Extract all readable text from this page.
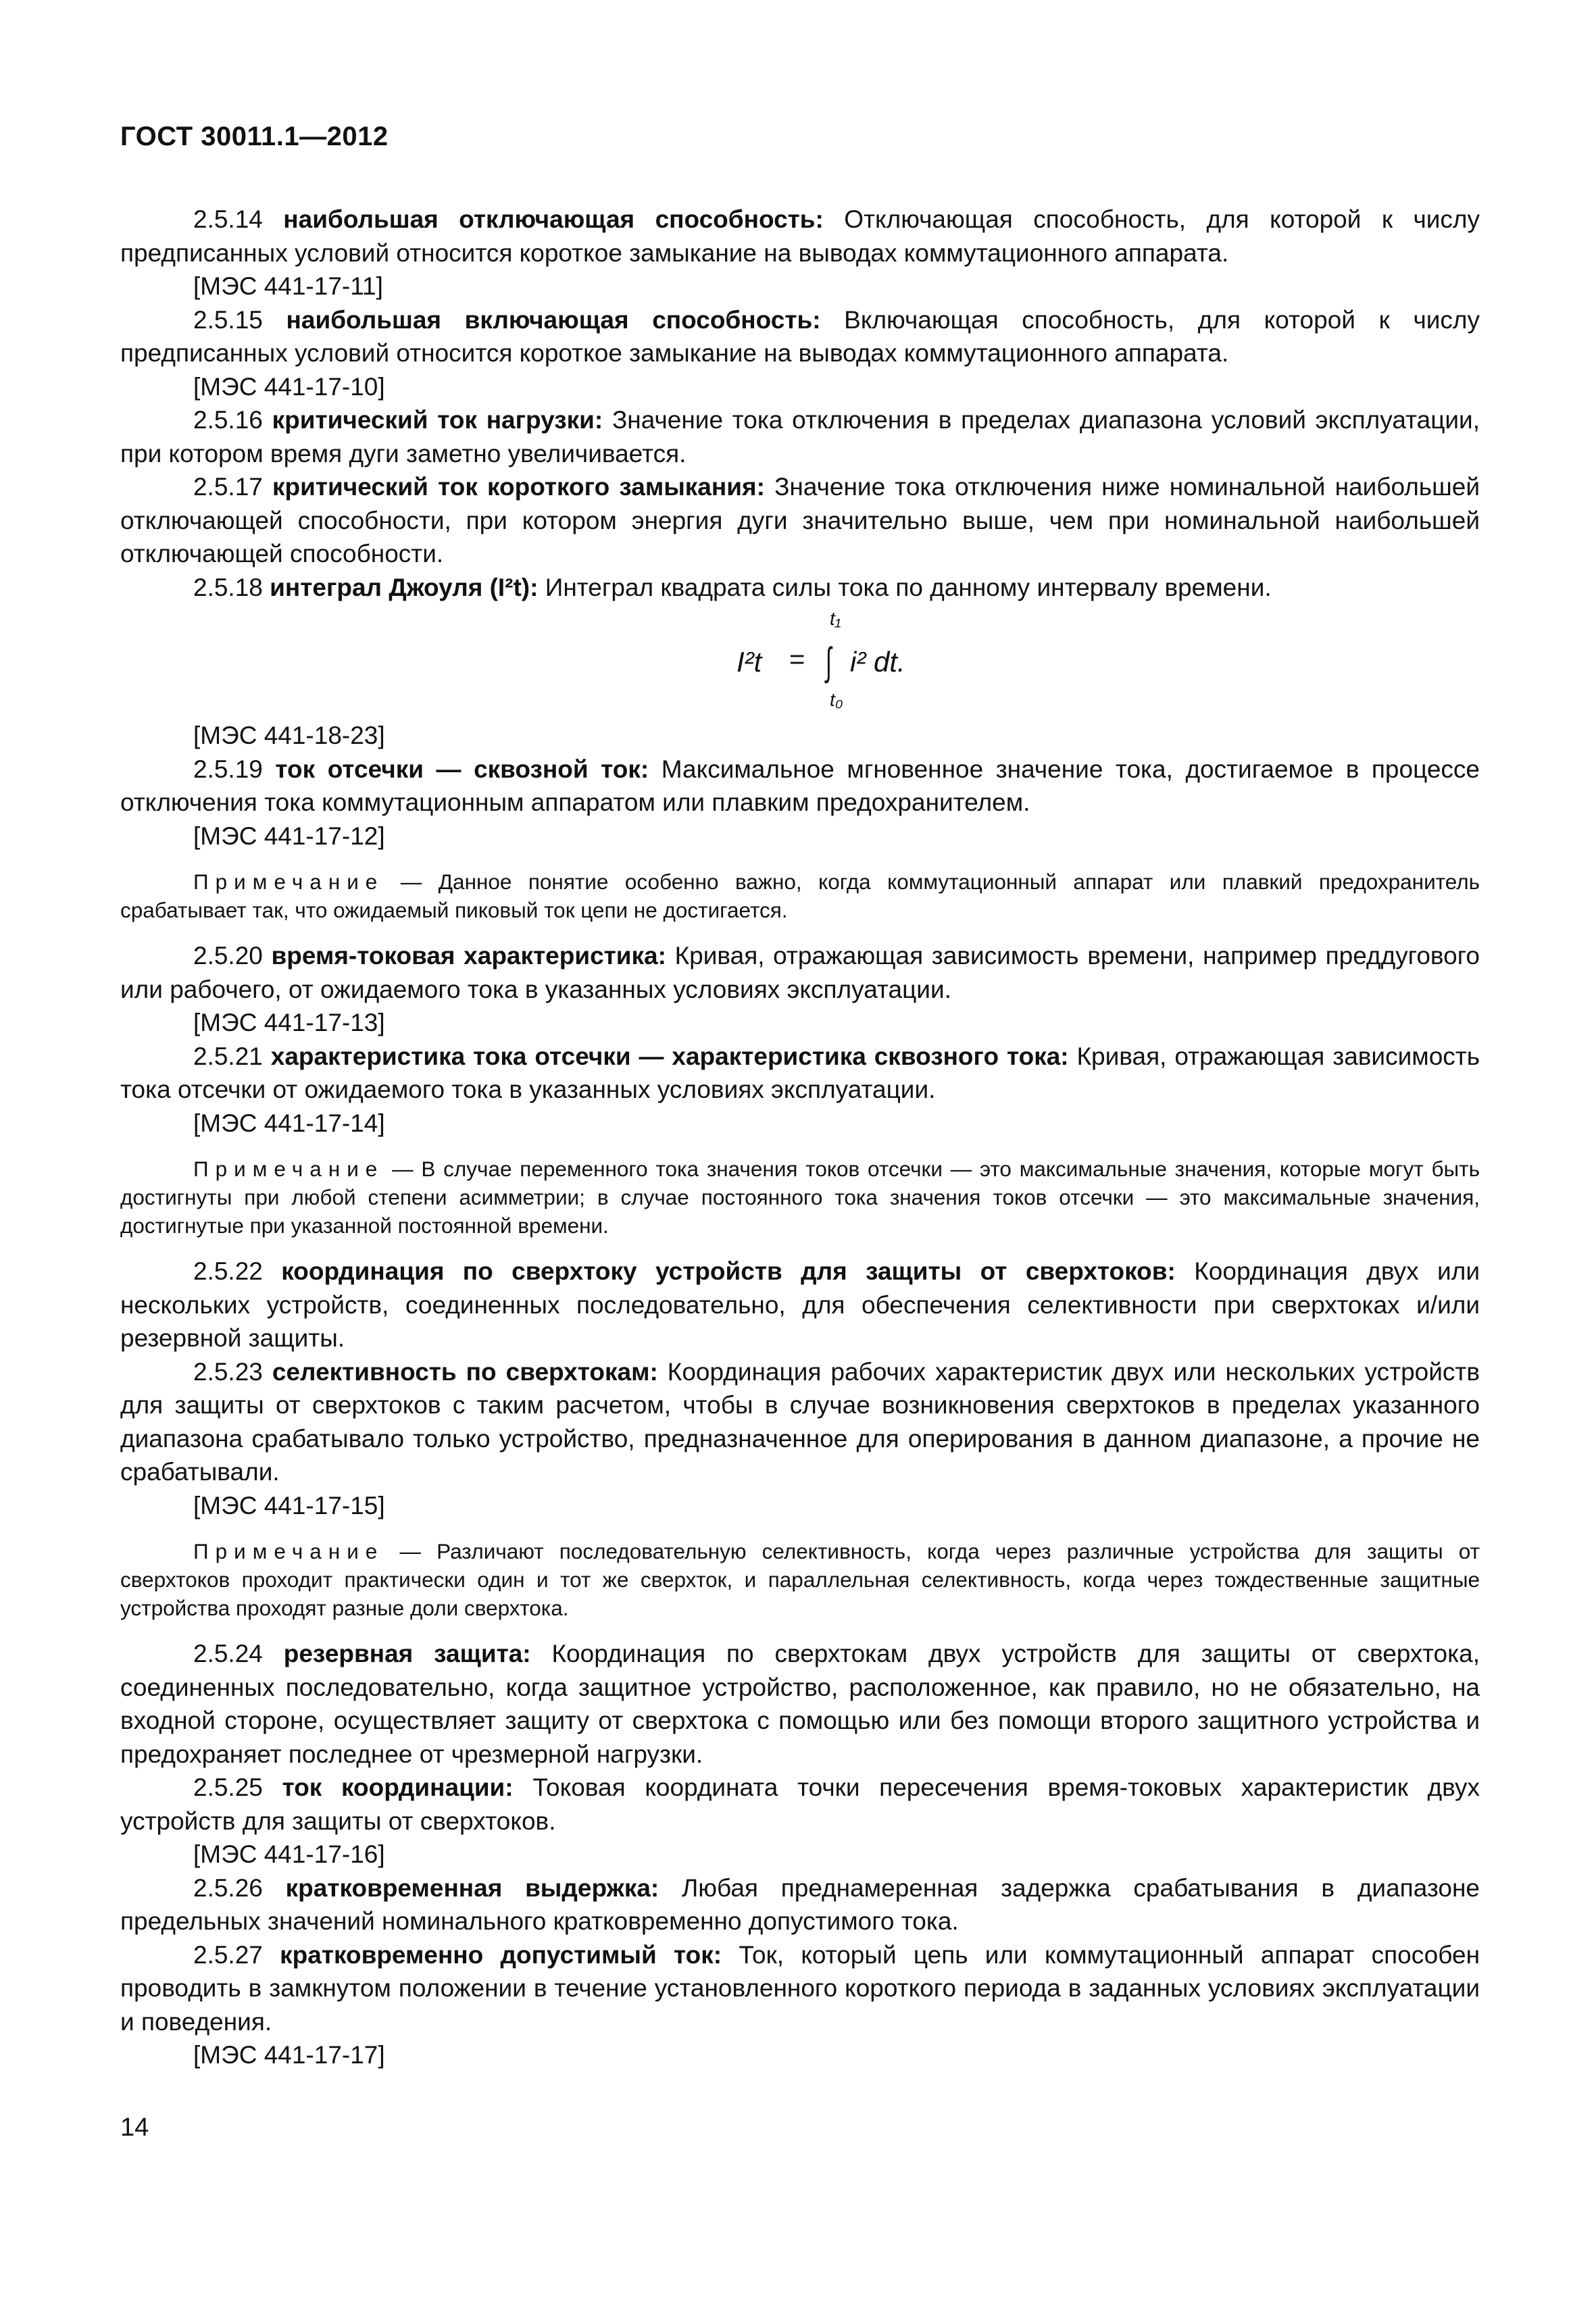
ГОСТ 30011.1—2012

2.5.14 наибольшая отключающая способность: Отключающая способность, для которой к числу предписанных условий относится короткое замыкание на выводах коммутационного аппарата.

[МЭС 441-17-11]

2.5.15 наибольшая включающая способность: Включающая способность, для которой к числу предписанных условий относится короткое замыкание на выводах коммутационного аппарата.

[МЭС 441-17-10]

2.5.16 критический ток нагрузки: Значение тока отключения в пределах диапазона условий эксплуатации, при котором время дуги заметно увеличивается.

2.5.17 критический ток короткого замыкания: Значение тока отключения ниже номинальной наибольшей отключающей способности, при котором энергия дуги значительно выше, чем при номинальной наибольшей отключающей способности.

2.5.18 интеграл Джоуля (I²t): Интеграл квадрата силы тока по данному интервалу времени.

I²t = ∫
t₁
t₀
i² dt.

[МЭС 441-18-23]

2.5.19 ток отсечки — сквозной ток: Максимальное мгновенное значение тока, достигаемое в процессе отключения тока коммутационным аппаратом или плавким предохранителем.

[МЭС 441-17-12]

Примечание — Данное понятие особенно важно, когда коммутационный аппарат или плавкий предохранитель срабатывает так, что ожидаемый пиковый ток цепи не достигается.

2.5.20 время-токовая характеристика: Кривая, отражающая зависимость времени, например преддугового или рабочего, от ожидаемого тока в указанных условиях эксплуатации.

[МЭС 441-17-13]

2.5.21 характеристика тока отсечки — характеристика сквозного тока: Кривая, отражающая зависимость тока отсечки от ожидаемого тока в указанных условиях эксплуатации.

[МЭС 441-17-14]

Примечание — В случае переменного тока значения токов отсечки — это максимальные значения, которые могут быть достигнуты при любой степени асимметрии; в случае постоянного тока значения токов отсечки — это максимальные значения, достигнутые при указанной постоянной времени.

2.5.22 координация по сверхтоку устройств для защиты от сверхтоков: Координация двух или нескольких устройств, соединенных последовательно, для обеспечения селективности при сверхтоках и/или резервной защиты.

2.5.23 селективность по сверхтокам: Координация рабочих характеристик двух или нескольких устройств для защиты от сверхтоков с таким расчетом, чтобы в случае возникновения сверхтоков в пределах указанного диапазона срабатывало только устройство, предназначенное для оперирования в данном диапазоне, а прочие не срабатывали.

[МЭС 441-17-15]

Примечание — Различают последовательную селективность, когда через различные устройства для защиты от сверхтоков проходит практически один и тот же сверхток, и параллельная селективность, когда через тождественные защитные устройства проходят разные доли сверхтока.

2.5.24 резервная защита: Координация по сверхтокам двух устройств для защиты от сверхтока, соединенных последовательно, когда защитное устройство, расположенное, как правило, но не обязательно, на входной стороне, осуществляет защиту от сверхтока с помощью или без помощи второго защитного устройства и предохраняет последнее от чрезмерной нагрузки.

2.5.25 ток координации: Токовая координата точки пересечения время-токовых характеристик двух устройств для защиты от сверхтоков.

[МЭС 441-17-16]

2.5.26 кратковременная выдержка: Любая преднамеренная задержка срабатывания в диапазоне предельных значений номинального кратковременно допустимого тока.

2.5.27 кратковременно допустимый ток: Ток, который цепь или коммутационный аппарат способен проводить в замкнутом положении в течение установленного короткого периода в заданных условиях эксплуатации и поведения.

[МЭС 441-17-17]

14
